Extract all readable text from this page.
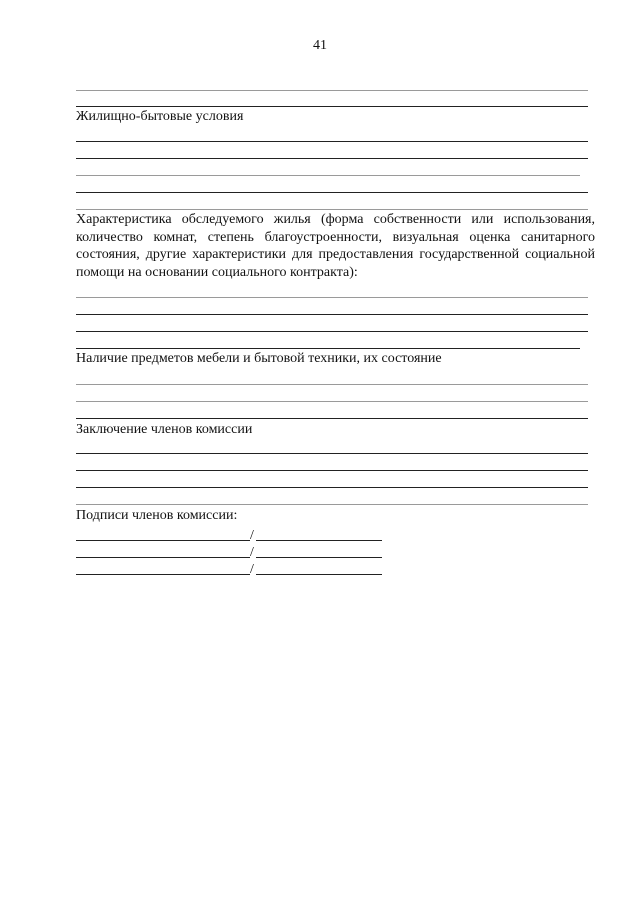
41
Жилищно-бытовые условия
Характеристика обследуемого жилья (форма собственности или использования, количество комнат, степень благоустроенности, визуальная оценка санитарного состояния, другие характеристики для предоставления государственной социальной помощи на основании социального контракта):
Наличие предметов мебели и бытовой техники, их состояние
Заключение членов комиссии
Подписи членов комиссии:
/
/
/
